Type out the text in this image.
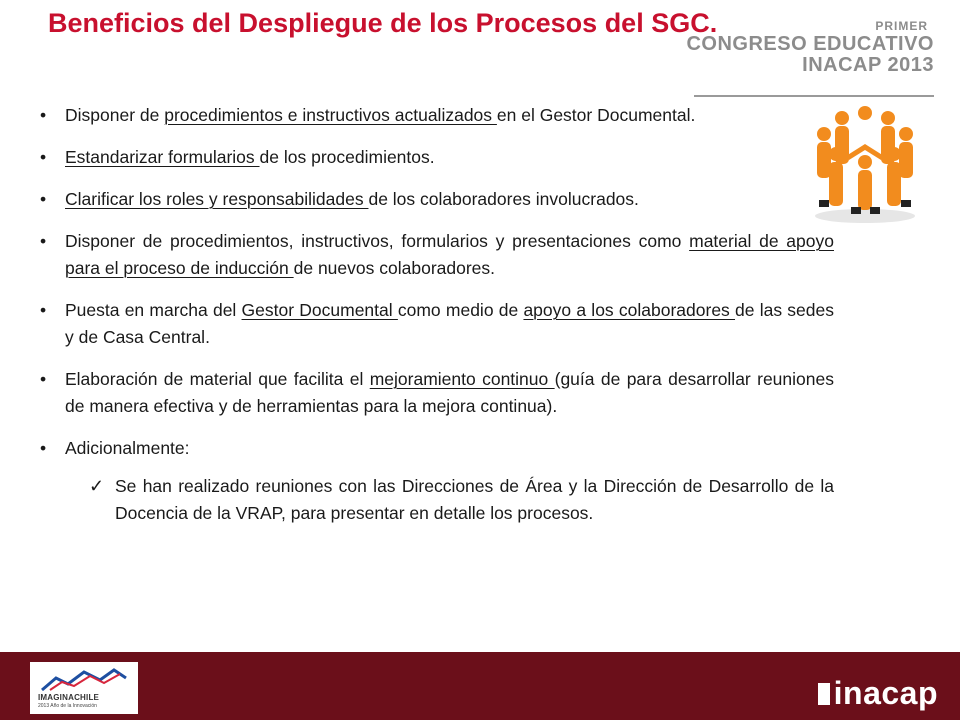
Beneficios del Despliegue de los Procesos del SGC.	PRIMER
CONGRESO EDUCATIVO
INACAP 2013
• Disponer de procedimientos e instructivos actualizados en el Gestor Documental.

• Estandarizar formularios de los procedimientos.

• Clarificar los roles y responsabilidades de los colaboradores involucrados.

• Disponer de procedimientos, instructivos, formularios y presentaciones como material de apoyo para el proceso de inducción de nuevos colaboradores.

• Puesta en marcha del Gestor Documental como medio de apoyo a los colaboradores de las sedes y de Casa Central.

• Elaboración de material que facilita el mejoramiento continuo (guía de para desarrollar reuniones de manera efectiva y de herramientas para la mejora continua).

• Adicionalmente:

✓ Se han realizado reuniones con las Direcciones de Área y la Dirección de Desarrollo de la Docencia de la VRAP, para presentar en detalle los procesos.

IMAGINACHILE
2013 Año de la Innovación	inacap
